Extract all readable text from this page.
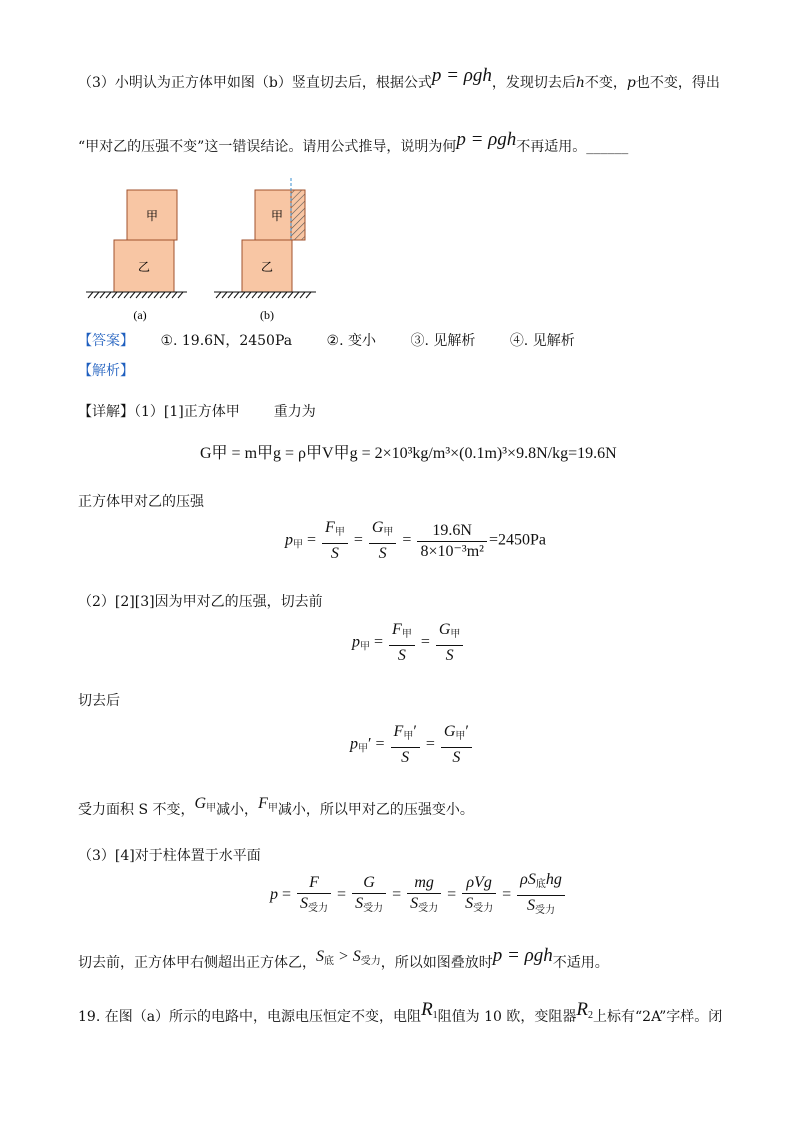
（3）小明认为正方体甲如图（b）竖直切去后，根据公式p = ρgh，发现切去后h不变，p也不变，得出
“甲对乙的压强不变”这一错误结论。请用公式推导，说明为何p = ρgh不再适用。______
甲
乙
(a)
甲
乙
(b)
【答案】 ①. 19.6N，2450Pa ②. 变小 ③. 见解析 ④. 见解析
【解析】
【详解】（1）[1]正方体甲 重力为
G甲 = m甲g = ρ甲V甲g = 2×10³kg/m³×(0.1m)³×9.8N/kg=19.6N
正方体甲对乙的压强
$p_甲 = \frac{F_甲}{S} = \frac{G_甲}{S} = \frac{19.6N}{\text{8×10⁻³m²}} =2450Pa$
（2）[2][3]因为甲对乙的压强，切去前
$p_甲 = \frac{F_甲}{S} = \frac{G_甲}{S}$
切去后
$p_甲' = \frac{F_甲'}{S} = \frac{G_甲'}{S}$
受力面积 S 不变，$G_甲$减小，$F_甲$减小，所以甲对乙的压强变小。
（3）[4]对于柱体置于水平面
$p = \frac{F}{S_{受力}} = \frac{G}{S_{受力}} = \frac{mg}{S_{受力}} = \frac{\text{ρVg}}{S_{受力}} = \frac{\rho S_底hg}{S_{受力}}$
切去前，正方体甲右侧超出正方体乙，$S_底 > S_{受力}$，所以如图叠放时p = ρgh不适用。
19. 在图（a）所示的电路中，电源电压恒定不变，电阻$R_1$阻值为 10 欧，变阻器$R_2$上标有“2A”字样。闭
